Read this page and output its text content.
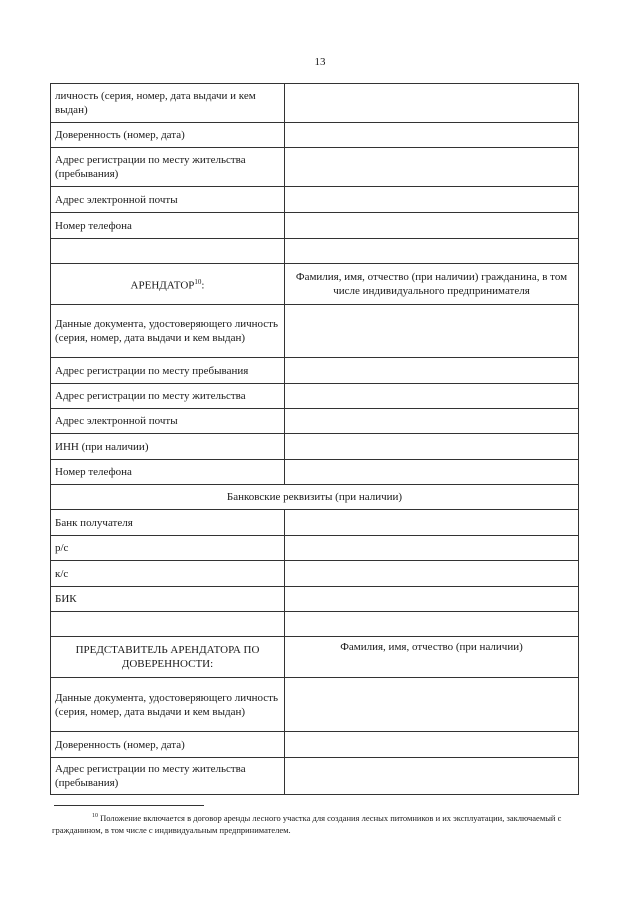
13
личность (серия, номер, дата выдачи и кем выдан)	
Доверенность (номер, дата)	
Адрес регистрации по месту жительства (пребывания)	
Адрес электронной почты	
Номер телефона	

АРЕНДАТОР$^{10}$:	Фамилия, имя, отчество (при наличии) гражданина, в том числе индивидуального предпринимателя
Данные документа, удостоверяющего личность (серия, номер, дата выдачи и кем выдан)	
Адрес регистрации по месту пребывания	
Адрес регистрации по месту жительства	
Адрес электронной почты	
ИНН (при наличии)	
Номер телефона	
Банковские реквизиты (при наличии)	
Банк получателя	
р/с	
к/с	
БИК	

ПРЕДСТАВИТЕЛЬ АРЕНДАТОРА ПО ДОВЕРЕННОСТИ:	Фамилия, имя, отчество (при наличии)
Данные документа, удостоверяющего личность (серия, номер, дата выдачи и кем выдан)	
Доверенность (номер, дата)	
Адрес регистрации по месту жительства (пребывания)	
$^{10}$ Положение включается в договор аренды лесного участка для создания лесных питомников и их эксплуатации, заключаемый с гражданином, в том числе с индивидуальным предпринимателем.
